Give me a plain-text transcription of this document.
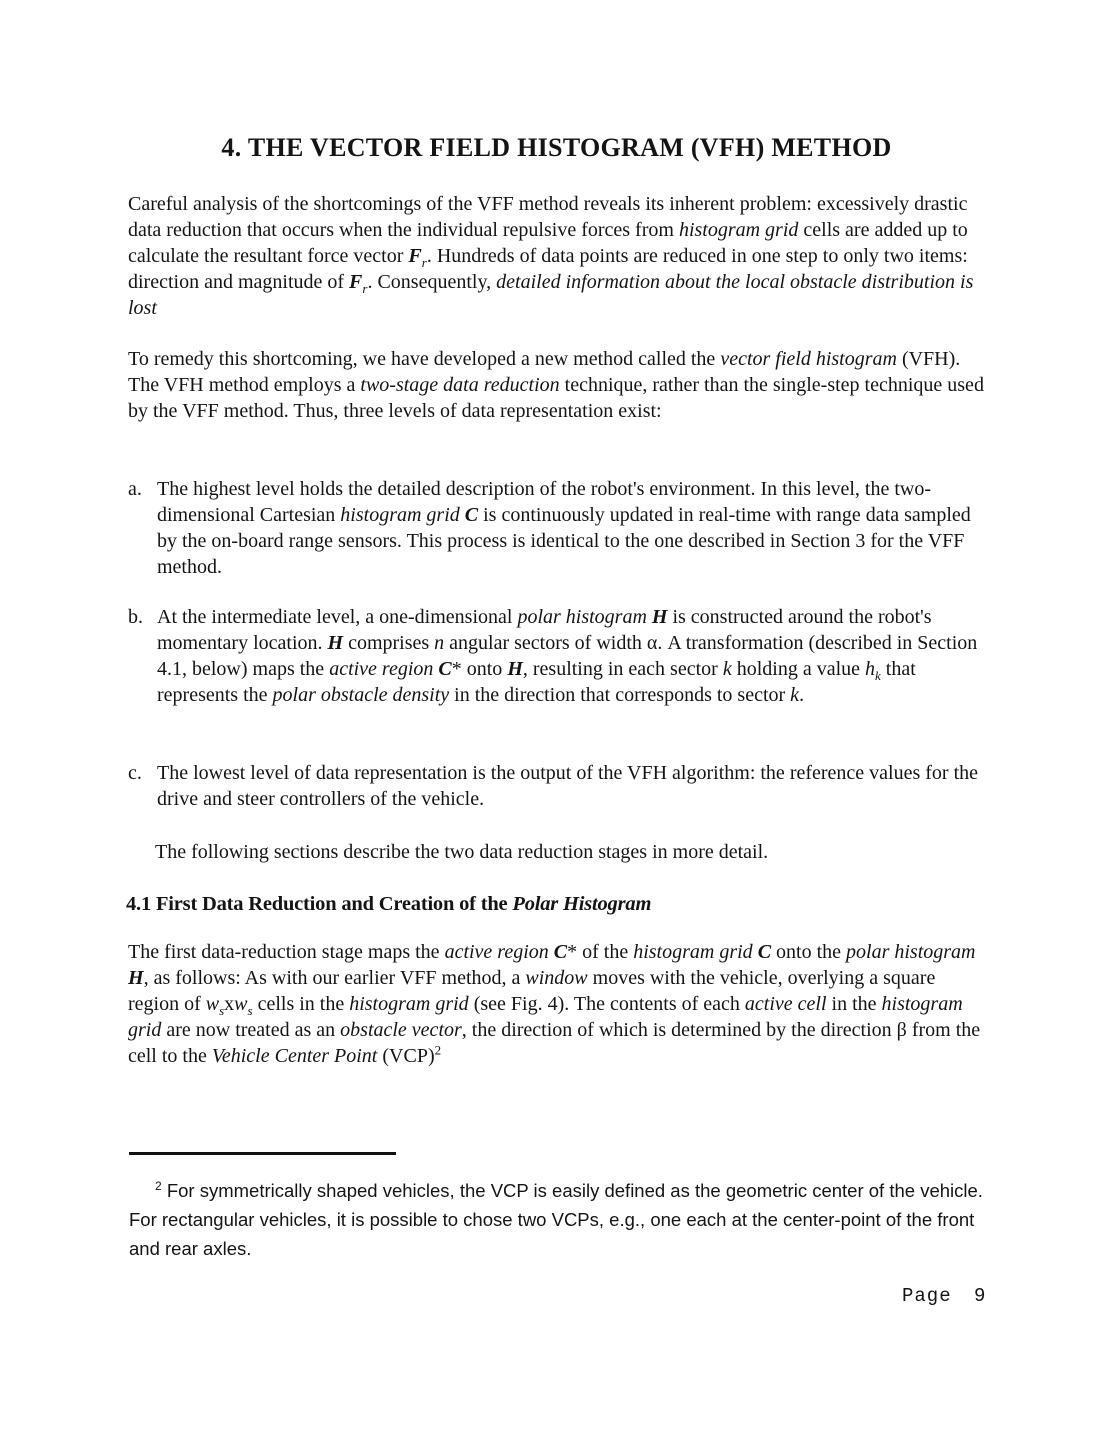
4. THE VECTOR FIELD HISTOGRAM (VFH) METHOD
Careful analysis of the shortcomings of the VFF method reveals its inherent problem: excessively drastic data reduction that occurs when the individual repulsive forces from histogram grid cells are added up to calculate the resultant force vector $F_r$. Hundreds of data points are reduced in one step to only two items: direction and magnitude of $F_r$. Consequently, detailed information about the local obstacle distribution is lost
To remedy this shortcoming, we have developed a new method called the vector field histogram (VFH). The VFH method employs a two-stage data reduction technique, rather than the single-step technique used by the VFF method. Thus, three levels of data representation exist:
a. The highest level holds the detailed description of the robot's environment. In this level, the two-dimensional Cartesian histogram grid C is continuously updated in real-time with range data sampled by the on-board range sensors. This process is identical to the one described in Section 3 for the VFF method.
b. At the intermediate level, a one-dimensional polar histogram H is constructed around the robot's momentary location. H comprises n angular sectors of width α. A transformation (described in Section 4.1, below) maps the active region C* onto H, resulting in each sector k holding a value $h_k$ that represents the polar obstacle density in the direction that corresponds to sector k.
c. The lowest level of data representation is the output of the VFH algorithm: the reference values for the drive and steer controllers of the vehicle.
The following sections describe the two data reduction stages in more detail.
4.1 First Data Reduction and Creation of the Polar Histogram
The first data-reduction stage maps the active region C* of the histogram grid C onto the polar histogram H, as follows: As with our earlier VFF method, a window moves with the vehicle, overlying a square region of $w_sxw_s$ cells in the histogram grid (see Fig. 4). The contents of each active cell in the histogram grid are now treated as an obstacle vector, the direction of which is determined by the direction β from the cell to the Vehicle Center Point (VCP)$^2$
$^2$ For symmetrically shaped vehicles, the VCP is easily defined as the geometric center of the vehicle. For rectangular vehicles, it is possible to chose two VCPs, e.g., one each at the center-point of the front and rear axles.
Page 9
